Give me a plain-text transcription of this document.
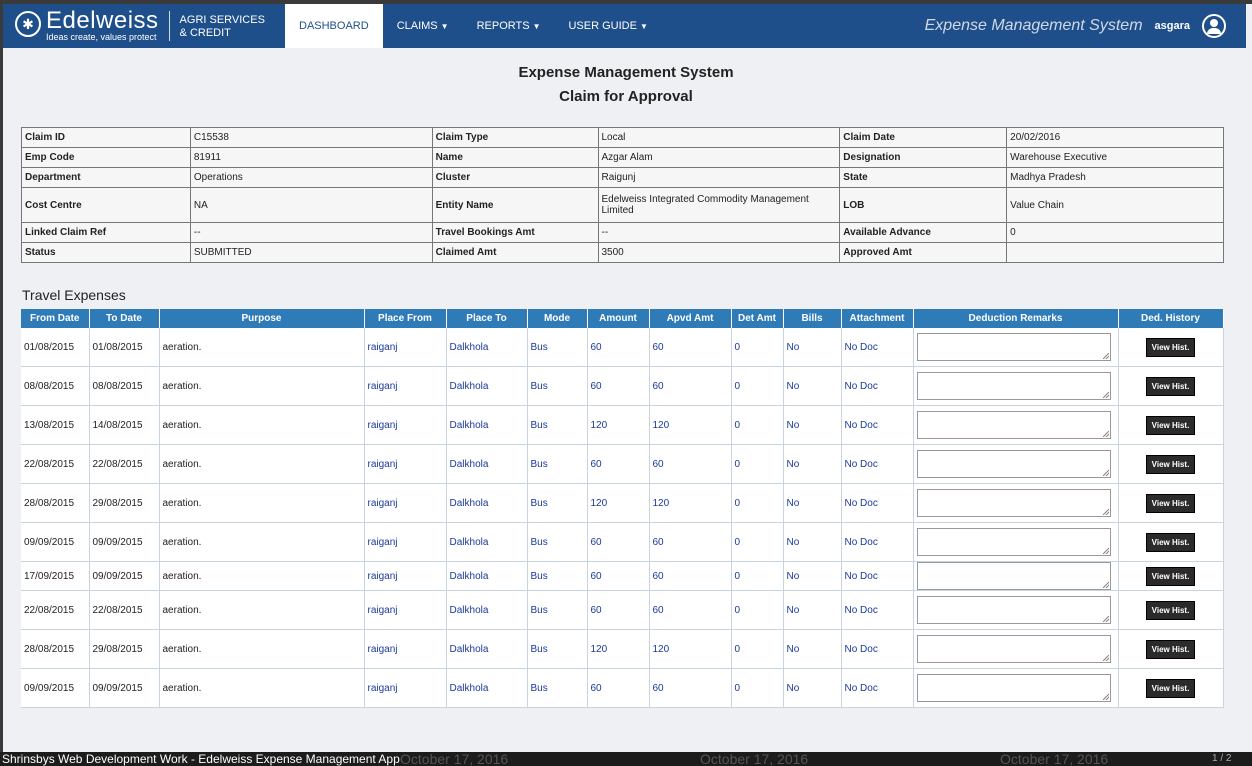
✱ Edelweiss
Ideas create, values protect
AGRI SERVICES
& CREDIT
DASHBOARD	CLAIMS ▼	REPORTS ▼	USER GUIDE ▼	Expense Management System asgara
Expense Management System
Claim for Approval
Claim ID	C15538	Claim Type	Local	Claim Date	20/02/2016
Emp Code	81911	Name	Azgar Alam	Designation	Warehouse Executive
Department	Operations	Cluster	Raigunj	State	Madhya Pradesh
Cost Centre	NA	Entity Name	Edelweiss Integrated Commodity Management Limited	LOB	Value Chain
Linked Claim Ref	--	Travel Bookings Amt	--	Available Advance	0
Status	SUBMITTED	Claimed Amt	3500	Approved Amt	
Travel Expenses
From Date	To Date	Purpose	Place From	Place To	Mode	Amount	Apvd Amt	Det Amt	Bills	Attachment	Deduction Remarks	Ded. History
01/08/2015	01/08/2015	aeration.	raiganj	Dalkhola	Bus	60	60	0	No	No Doc		View Hist.
08/08/2015	08/08/2015	aeration.	raiganj	Dalkhola	Bus	60	60	0	No	No Doc		View Hist.
13/08/2015	14/08/2015	aeration.	raiganj	Dalkhola	Bus	120	120	0	No	No Doc		View Hist.
22/08/2015	22/08/2015	aeration.	raiganj	Dalkhola	Bus	60	60	0	No	No Doc		View Hist.
28/08/2015	29/08/2015	aeration.	raiganj	Dalkhola	Bus	120	120	0	No	No Doc		View Hist.
09/09/2015	09/09/2015	aeration.	raiganj	Dalkhola	Bus	60	60	0	No	No Doc		View Hist.
17/09/2015	09/09/2015	aeration.	raiganj	Dalkhola	Bus	60	60	0	No	No Doc		View Hist.
22/08/2015	22/08/2015	aeration.	raiganj	Dalkhola	Bus	60	60	0	No	No Doc		View Hist.
28/08/2015	29/08/2015	aeration.	raiganj	Dalkhola	Bus	120	120	0	No	No Doc		View Hist.
09/09/2015	09/09/2015	aeration.	raiganj	Dalkhola	Bus	60	60	0	No	No Doc		View Hist.
Shrinsbys Web Development Work - Edelweiss Expense Management App October 17, 2016	October 17, 2016	October 17, 2016	1 / 2
